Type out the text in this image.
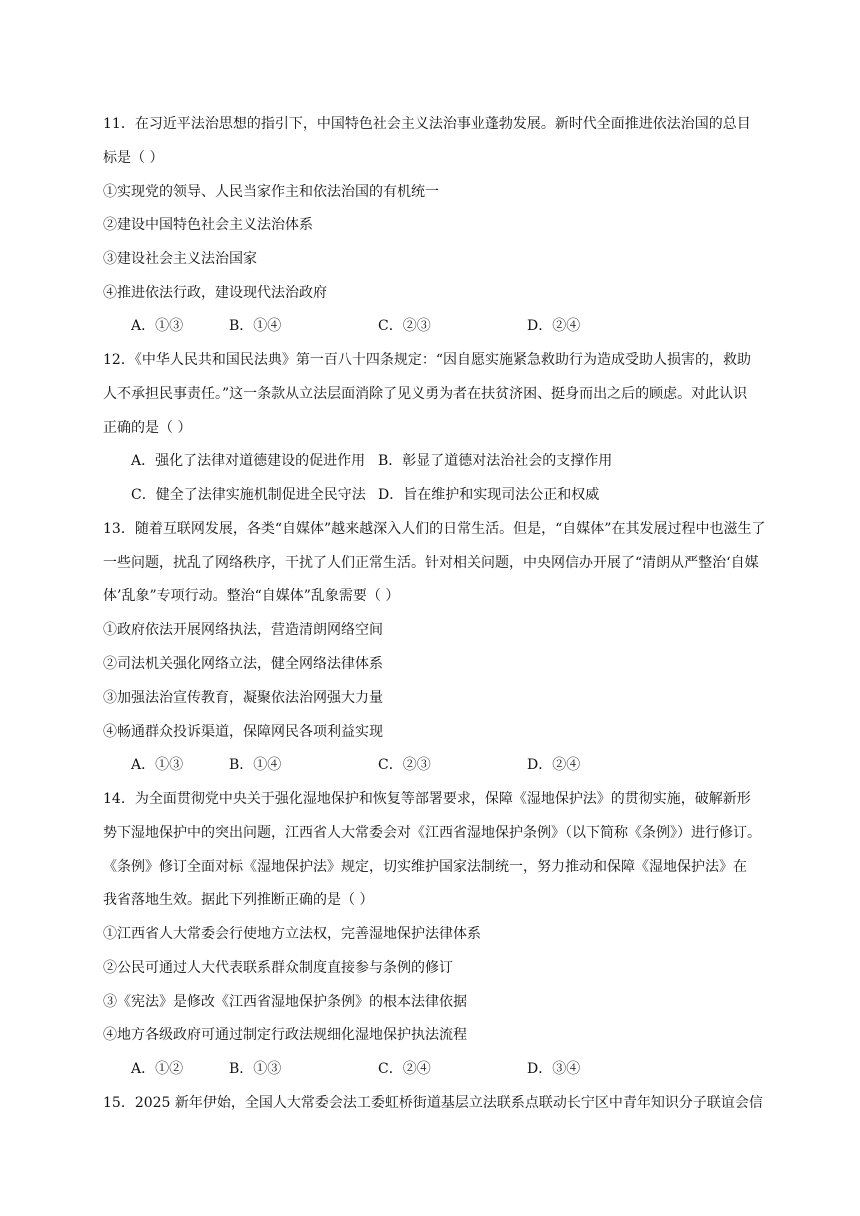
11．在习近平法治思想的指引下，中国特色社会主义法治事业蓬勃发展。新时代全面推进依法治国的总目
标是（ ）
①实现党的领导、人民当家作主和依法治国的有机统一
②建设中国特色社会主义法治体系
③建设社会主义法治国家
④推进依法行政，建设现代法治政府
A．①③	B．①④	C．②③	D．②④
12．《中华人民共和国民法典》第一百八十四条规定：“因自愿实施紧急救助行为造成受助人损害的，救助
人不承担民事责任。”这一条款从立法层面消除了见义勇为者在扶贫济困、挺身而出之后的顾虑。对此认识
正确的是（ ）
A．强化了法律对道德建设的促进作用 B．彰显了道德对法治社会的支撑作用
C．健全了法律实施机制促进全民守法 D．旨在维护和实现司法公正和权威
13．随着互联网发展，各类“自媒体”越来越深入人们的日常生活。但是，“自媒体”在其发展过程中也滋生了
一些问题，扰乱了网络秩序，干扰了人们正常生活。针对相关问题，中央网信办开展了“清朗从严整治‘自媒
体’乱象”专项行动。整治“自媒体”乱象需要（ ）
①政府依法开展网络执法，营造清朗网络空间
②司法机关强化网络立法，健全网络法律体系
③加强法治宣传教育，凝聚依法治网强大力量
④畅通群众投诉渠道，保障网民各项利益实现
A．①③	B．①④	C．②③	D．②④
14．为全面贯彻党中央关于强化湿地保护和恢复等部署要求，保障《湿地保护法》的贯彻实施，破解新形
势下湿地保护中的突出问题，江西省人大常委会对《江西省湿地保护条例》（以下简称《条例》）进行修订。
《条例》修订全面对标《湿地保护法》规定，切实维护国家法制统一，努力推动和保障《湿地保护法》在
我省落地生效。据此下列推断正确的是（ ）
①江西省人大常委会行使地方立法权，完善湿地保护法律体系
②公民可通过人大代表联系群众制度直接参与条例的修订
③《宪法》是修改《江西省湿地保护条例》的根本法律依据
④地方各级政府可通过制定行政法规细化湿地保护执法流程
A．①②	B．①③	C．②④	D．③④
15．2025 新年伊始，全国人大常委会法工委虹桥街道基层立法联系点联动长宁区中青年知识分子联谊会信
